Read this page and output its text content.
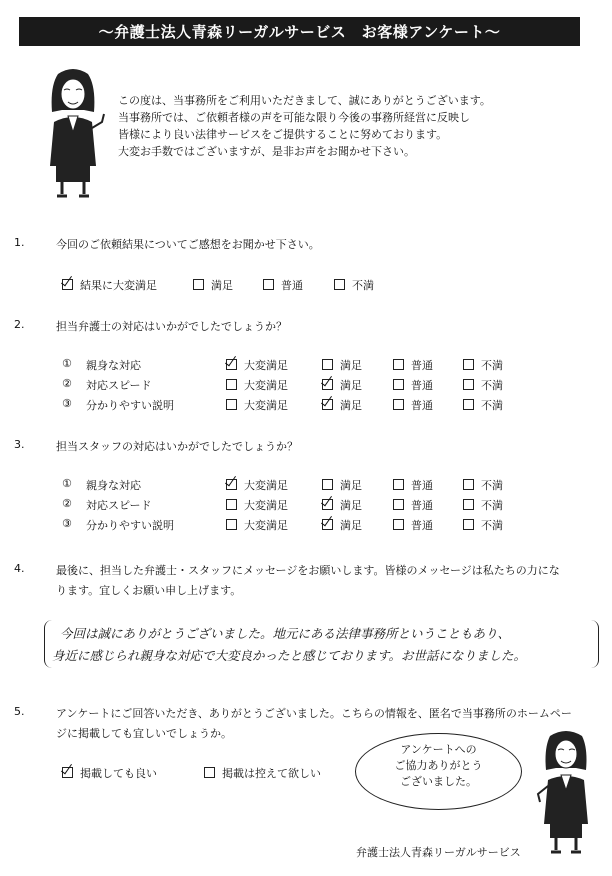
～弁護士法人青森リーガルサービス　お客様アンケート～
この度は、当事務所をご利用いただきまして、誠にありがとうございます。
当事務所では、ご依頼者様の声を可能な限り今後の事務所経営に反映し
皆様により良い法律サービスをご提供することに努めております。
大変お手数ではございますが、是非お声をお聞かせ下さい。
1.	今回のご依頼結果についてご感想をお聞かせ下さい。
結果に大変満足	満足	普通	不満
2.	担当弁護士の対応はいかがでしたでしょうか？
① 親身な対応	大変満足	満足	普通	不満
② 対応スピード	大変満足	満足	普通	不満
③ 分かりやすい説明	大変満足	満足	普通	不満
3.	担当スタッフの対応はいかがでしたでしょうか？
① 親身な対応	大変満足	満足	普通	不満
② 対応スピード	大変満足	満足	普通	不満
③ 分かりやすい説明	大変満足	満足	普通	不満
4.	最後に、担当した弁護士・スタッフにメッセージをお願いします。皆様のメッセージは私たちの力にな
ります。宜しくお願い申し上げます。
今回は誠にありがとうございました。地元にある法律事務所ということもあり、
身近に感じられ親身な対応で大変良かったと感じております。お世話になりました。
5.	アンケートにご回答いただき、ありがとうございました。こちらの情報を、匿名で当事務所のホームペー
ジに掲載しても宜しいでしょうか。
掲載しても良い	掲載は控えて欲しい
アンケートへの
ご協力ありがとう
ございました。
弁護士法人青森リーガルサービス
